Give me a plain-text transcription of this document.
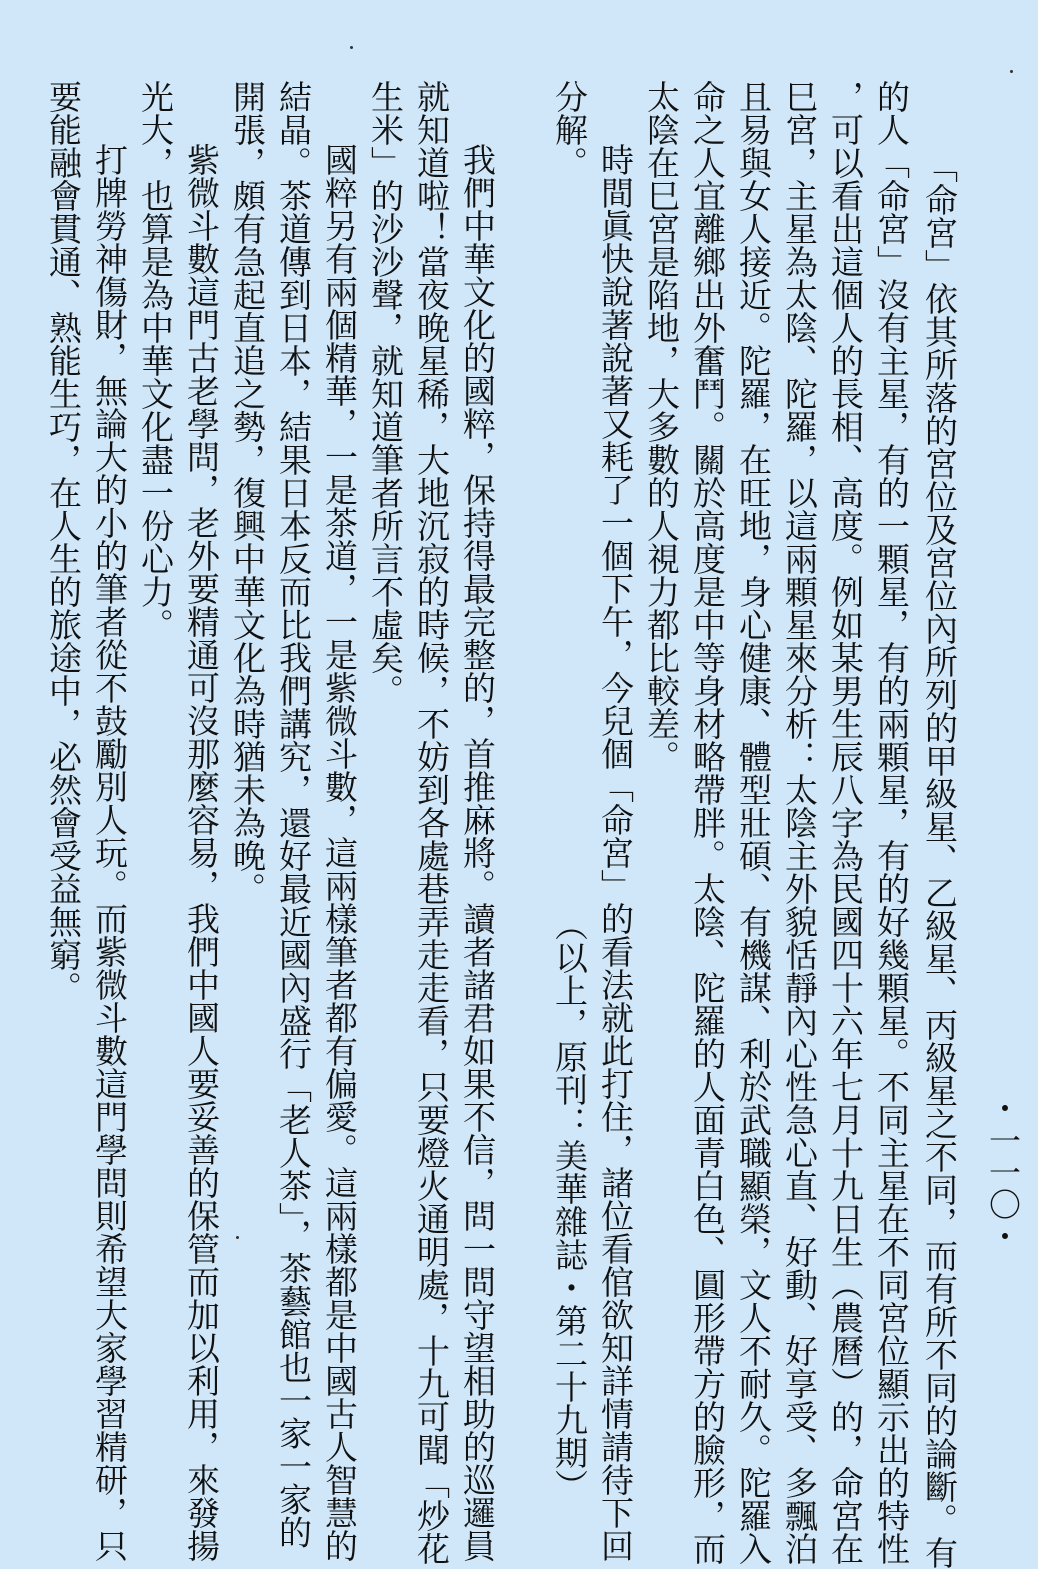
・一一〇・
「命宮」依其所落的宮位及宮位內所列的甲級星、乙級星、丙級星之不同，而有所不同的論斷。有
的人「命宮」沒有主星，有的一顆星，有的兩顆星，有的好幾顆星。不同主星在不同宮位顯示出的特性
，可以看出這個人的長相、高度。例如某男生辰八字為民國四十六年七月十九日生（農曆）的，命宮在
巳宮，主星為太陰、陀羅，以這兩顆星來分析：太陰主外貌恬靜內心性急心直、好動、好享受、多飄泊
且易與女人接近。陀羅，在旺地，身心健康、體型壯碩、有機謀、利於武職顯榮，文人不耐久。陀羅入
命之人宜離鄉出外奮鬥。關於高度是中等身材略帶胖。太陰、陀羅的人面青白色、圓形帶方的臉形，而
太陰在巳宮是陷地，大多數的人視力都比較差。
　時間眞快說著說著又耗了一個下午，今兒個「命宮」的看法就此打住，諸位看倌欲知詳情請待下回
分解。
（以上，原刊：美華雜誌・第二十九期）
　我們中華文化的國粹，保持得最完整的，首推麻將。讀者諸君如果不信，問一問守望相助的巡邏員
就知道啦！當夜晚星稀，大地沉寂的時候，不妨到各處巷弄走走看，只要燈火通明處，十九可聞「炒花
生米」的沙沙聲，就知道筆者所言不虛矣。
　國粹另有兩個精華，一是茶道，一是紫微斗數，這兩樣筆者都有偏愛。這兩樣都是中國古人智慧的
結晶。茶道傳到日本，結果日本反而比我們講究，還好最近國內盛行「老人茶」，茶藝館也一家一家的
開張，頗有急起直追之勢，復興中華文化為時猶未為晚。
　紫微斗數這門古老學問，老外要精通可沒那麼容易，我們中國人要妥善的保管而加以利用，來發揚
光大，也算是為中華文化盡一份心力。
　打牌勞神傷財，無論大的小的筆者從不鼓勵別人玩。而紫微斗數這門學問則希望大家學習精研，只
要能融會貫通、熟能生巧，在人生的旅途中，必然會受益無窮。
